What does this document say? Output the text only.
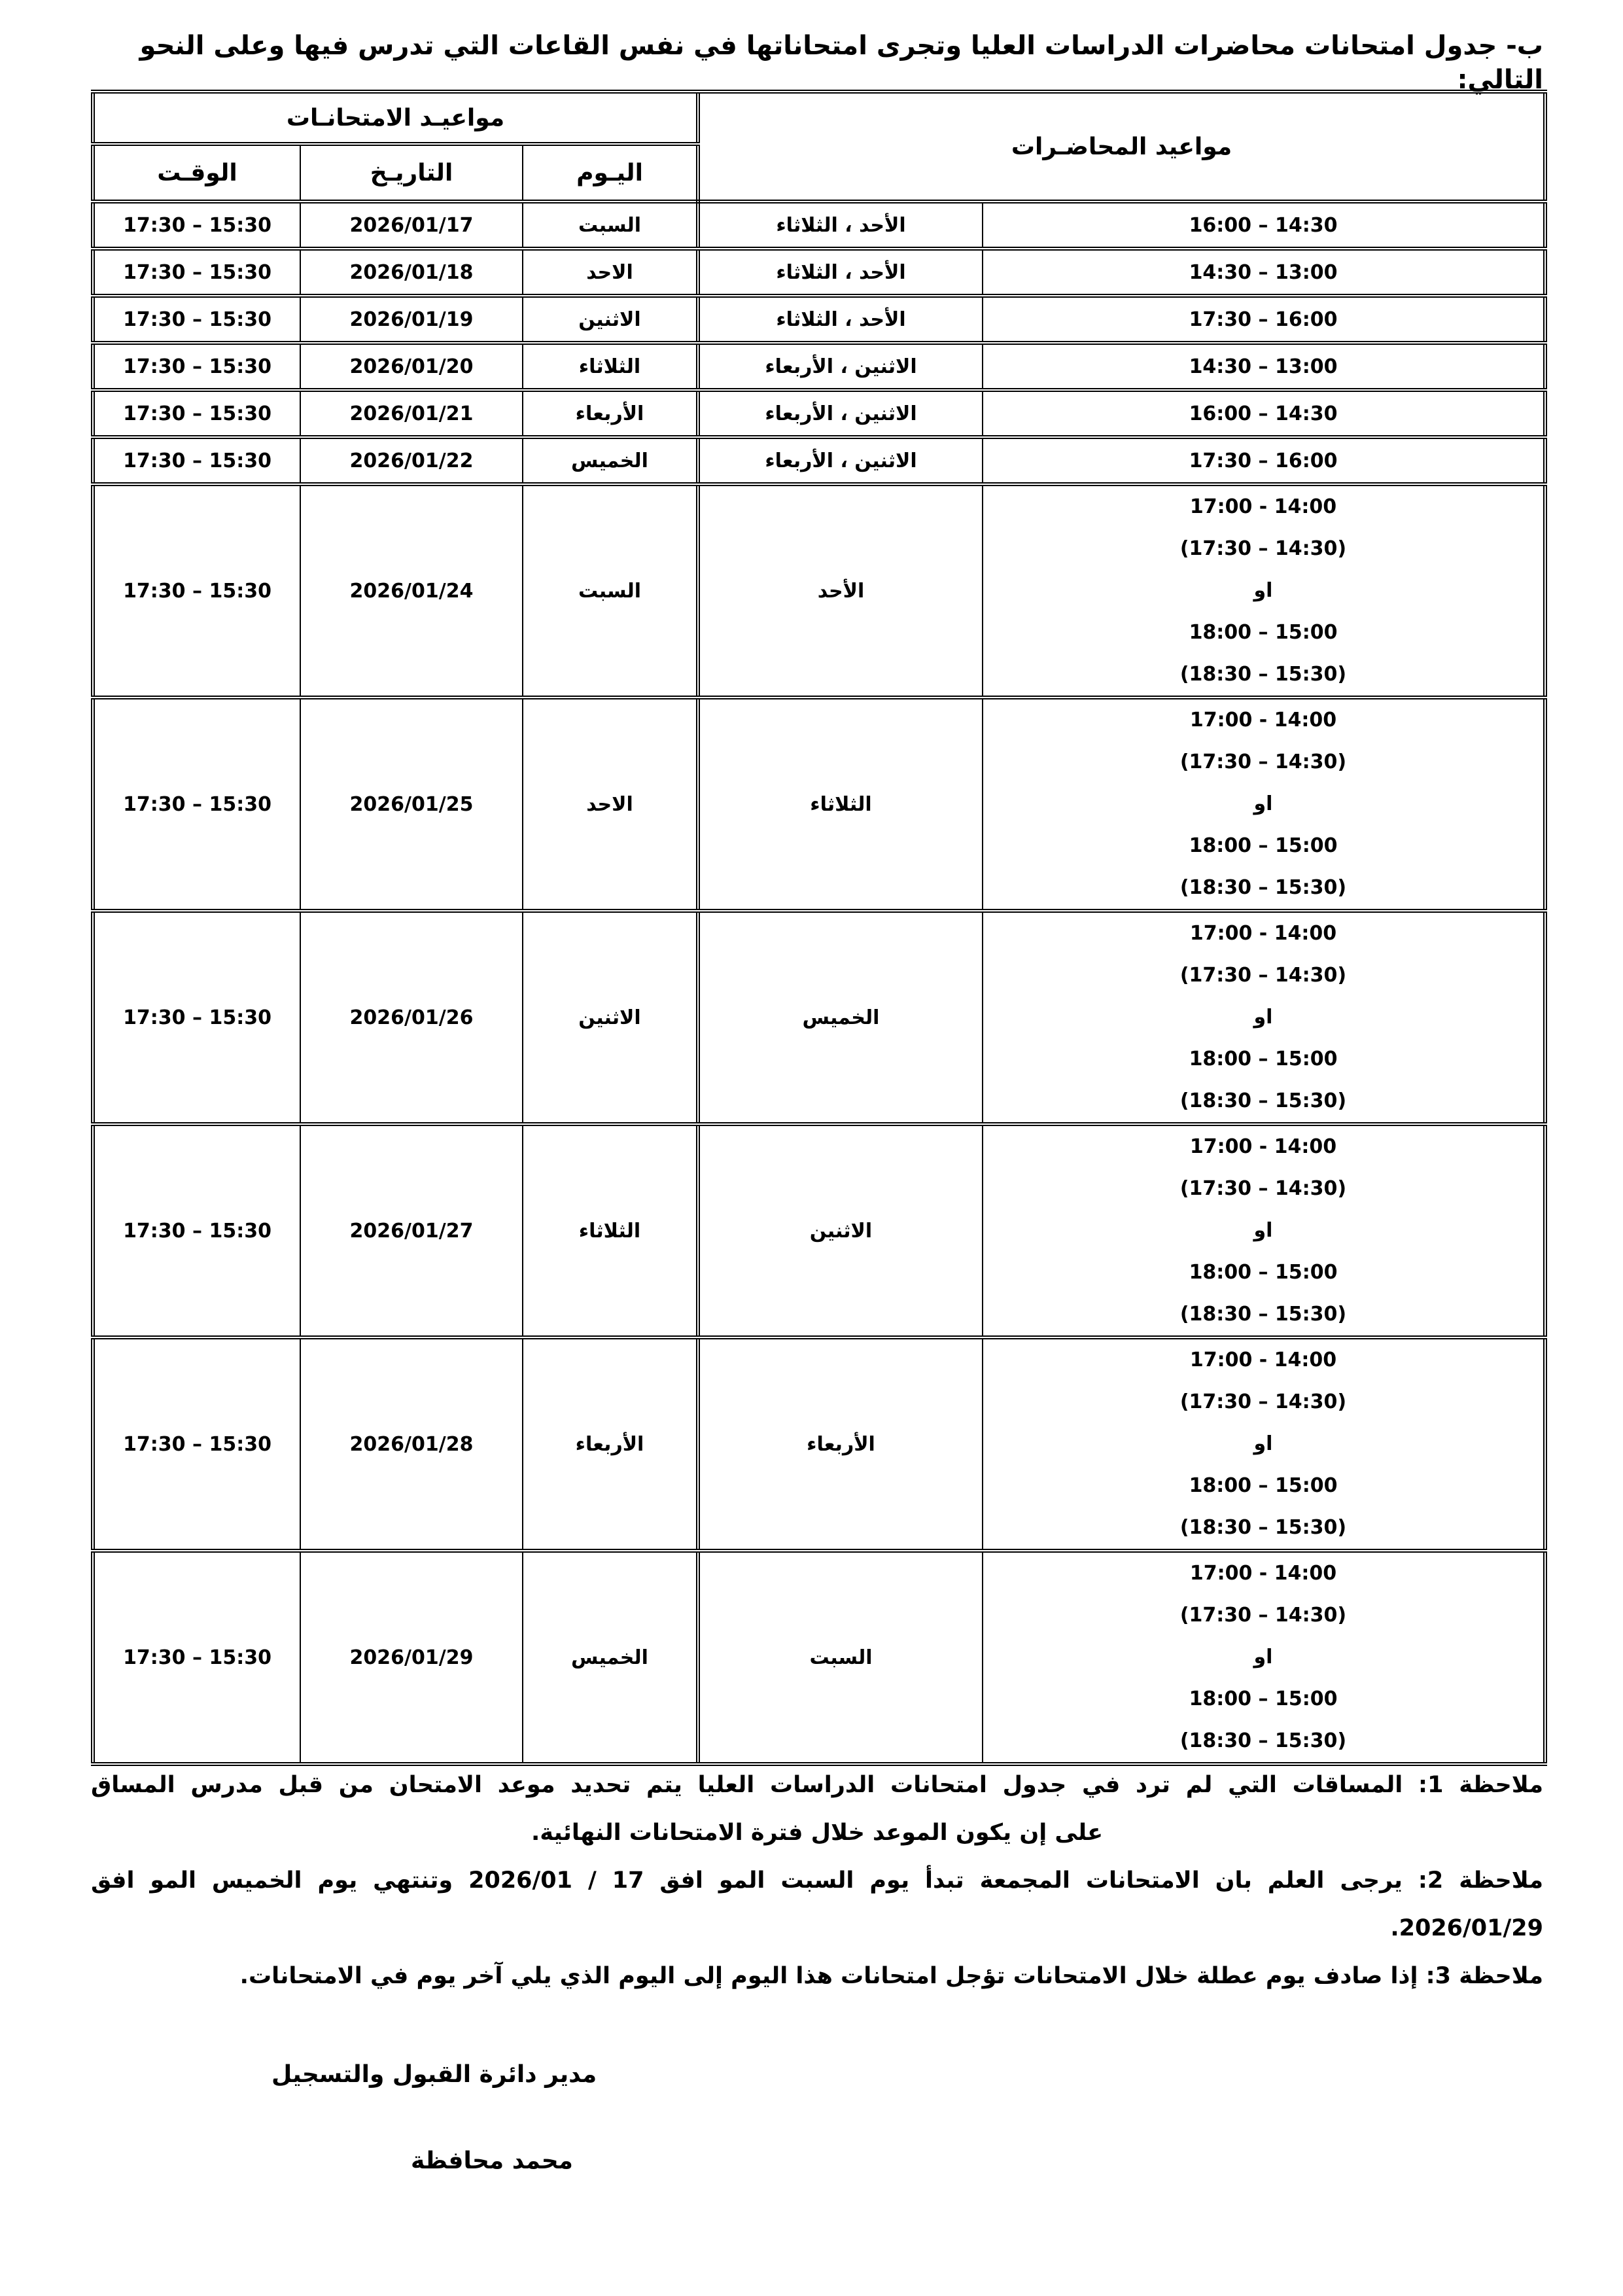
ب- جدول امتحانات محاضرات الدراسات العليا وتجرى امتحاناتها في نفس القاعات التي تدرس فيها وعلى النحو التالي:
مواعيـد الامتحانـات			مواعيد المحاضـرات	
الوقـت	التاريـخ	اليـوم		
17:30 – 15:30	2026/01/17	السبت	الأحد ، الثلاثاء	16:00 – 14:30
17:30 – 15:30	2026/01/18	الاحد	الأحد ، الثلاثاء	14:30 – 13:00
17:30 – 15:30	2026/01/19	الاثنين	الأحد ، الثلاثاء	17:30 – 16:00
17:30 – 15:30	2026/01/20	الثلاثاء	الاثنين ، الأربعاء	14:30 – 13:00
17:30 – 15:30	2026/01/21	الأربعاء	الاثنين ، الأربعاء	16:00 – 14:30
17:30 – 15:30	2026/01/22	الخميس	الاثنين ، الأربعاء	17:30 – 16:00
17:30 – 15:30	2026/01/24	السبت	الأحد	17:00 - 14:00
(17:30 – 14:30)
او
18:00 – 15:00
(18:30 – 15:30)

17:30 – 15:30	2026/01/25	الاحد	الثلاثاء	17:00 - 14:00
(17:30 – 14:30)
او
18:00 – 15:00
(18:30 – 15:30)

17:30 – 15:30	2026/01/26	الاثنين	الخميس	17:00 - 14:00
(17:30 – 14:30)
او
18:00 – 15:00
(18:30 – 15:30)

17:30 – 15:30	2026/01/27	الثلاثاء	الاثنين	17:00 - 14:00
(17:30 – 14:30)
او
18:00 – 15:00
(18:30 – 15:30)

17:30 – 15:30	2026/01/28	الأربعاء	الأربعاء	17:00 - 14:00
(17:30 – 14:30)
او
18:00 – 15:00
(18:30 – 15:30)

17:30 – 15:30	2026/01/29	الخميس	السبت	17:00 - 14:00
(17:30 – 14:30)
او
18:00 – 15:00
(18:30 – 15:30)
ملاحظة 1: المساقات التي لم ترد في جدول امتحانات الدراسات العليا يتم تحديد موعد الامتحان من قبل مدرس المساق
على إن يكون الموعد خلال فترة الامتحانات النهائية.
ملاحظة 2: يرجى العلم بان الامتحانات المجمعة تبدأ يوم السبت المو افق 17 / 2026/01 وتنتهي يوم الخميس المو افق 2026/01/29.
ملاحظة 3: إذا صادف يوم عطلة خلال الامتحانات تؤجل امتحانات هذا اليوم إلى اليوم الذي يلي آخر يوم في الامتحانات.
مدير دائرة القبول والتسجيل
محمد محافظة
